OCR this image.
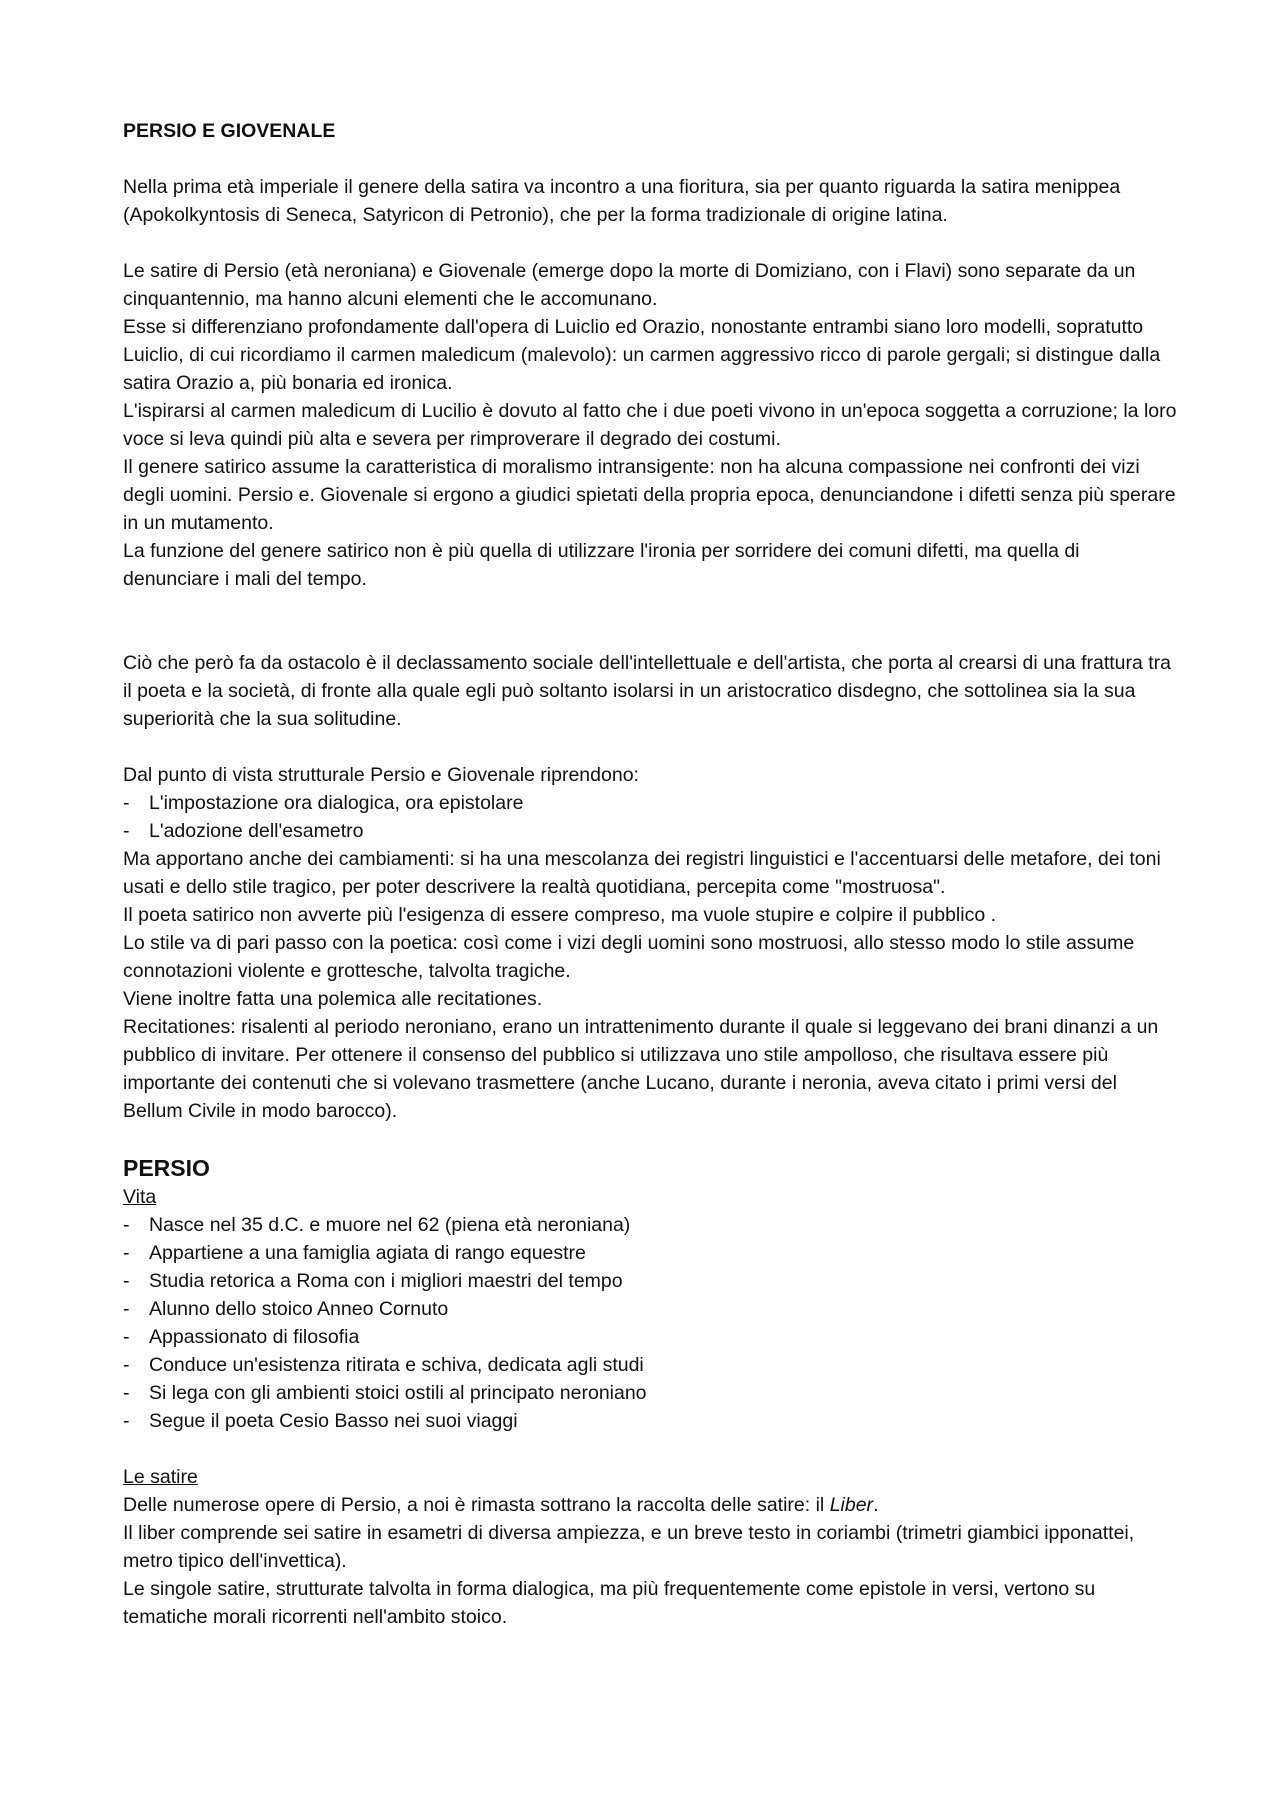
PERSIO E GIOVENALE

Nella prima età imperiale il genere della satira va incontro a una fioritura, sia per quanto riguarda la satira menippea (Apokolkyntosis di Seneca, Satyricon di Petronio), che per la forma tradizionale di origine latina.

Le satire di Persio (età neroniana) e Giovenale (emerge dopo la morte di Domiziano, con i Flavi) sono separate da un cinquantennio, ma hanno alcuni elementi che le accomunano.

Esse si differenziano profondamente dall'opera di Luiclio ed Orazio, nonostante entrambi siano loro modelli, sopratutto Luiclio, di cui ricordiamo il carmen maledicum (malevolo): un carmen aggressivo ricco di parole gergali; si distingue dalla satira Orazio a, più bonaria ed ironica.

L'ispirarsi al carmen maledicum di Lucilio è dovuto al fatto che i due poeti vivono in un'epoca soggetta a corruzione; la loro voce si leva quindi più alta e severa per rimproverare il degrado dei costumi.

Il genere satirico assume la caratteristica di moralismo intransigente: non ha alcuna compassione nei confronti dei vizi degli uomini. Persio e. Giovenale si ergono a giudici spietati della propria epoca, denunciandone i difetti senza più sperare in un mutamento.

La funzione del genere satirico non è più quella di utilizzare l'ironia per sorridere dei comuni difetti, ma quella di denunciare i mali del tempo.

Ciò che però fa da ostacolo è il declassamento sociale dell'intellettuale e dell'artista, che porta al crearsi di una frattura tra il poeta e la società, di fronte alla quale egli può soltanto isolarsi in un aristocratico disdegno, che sottolinea sia la sua superiorità che la sua solitudine.

Dal punto di vista strutturale Persio e Giovenale riprendono:

- L'impostazione ora dialogica, ora epistolare
- L'adozione dell'esametro

Ma apportano anche dei cambiamenti: si ha una mescolanza dei registri linguistici e l'accentuarsi delle metafore, dei toni usati e dello stile tragico, per poter descrivere la realtà quotidiana, percepita come "mostruosa".

Il poeta satirico non avverte più l'esigenza di essere compreso, ma vuole stupire e colpire il pubblico .

Lo stile va di pari passo con la poetica: così come i vizi degli uomini sono mostruosi, allo stesso modo lo stile assume connotazioni violente e grottesche, talvolta tragiche.

Viene inoltre fatta una polemica alle recitationes.

Recitationes: risalenti al periodo neroniano, erano un intrattenimento durante il quale si leggevano dei brani dinanzi a un pubblico di invitare. Per ottenere il consenso del pubblico si utilizzava uno stile ampolloso, che risultava essere più importante dei contenuti che si volevano trasmettere (anche Lucano, durante i neronia, aveva citato i primi versi del Bellum Civile in modo barocco).

PERSIO

Vita

- Nasce nel 35 d.C. e muore nel 62 (piena età neroniana)
- Appartiene a una famiglia agiata di rango equestre
- Studia retorica a Roma con i migliori maestri del tempo
- Alunno dello stoico Anneo Cornuto
- Appassionato di filosofia
- Conduce un'esistenza ritirata e schiva, dedicata agli studi
- Si lega con gli ambienti stoici ostili al principato neroniano
- Segue il poeta Cesio Basso nei suoi viaggi

Le satire

Delle numerose opere di Persio, a noi è rimasta sottrano la raccolta delle satire: il Liber.

Il liber comprende sei satire in esametri di diversa ampiezza, e un breve testo in coriambi (trimetri giambici ipponattei, metro tipico dell'invettica).

Le singole satire, strutturate talvolta in forma dialogica, ma più frequentemente come epistole in versi, vertono su tematiche morali ricorrenti nell'ambito stoico.
